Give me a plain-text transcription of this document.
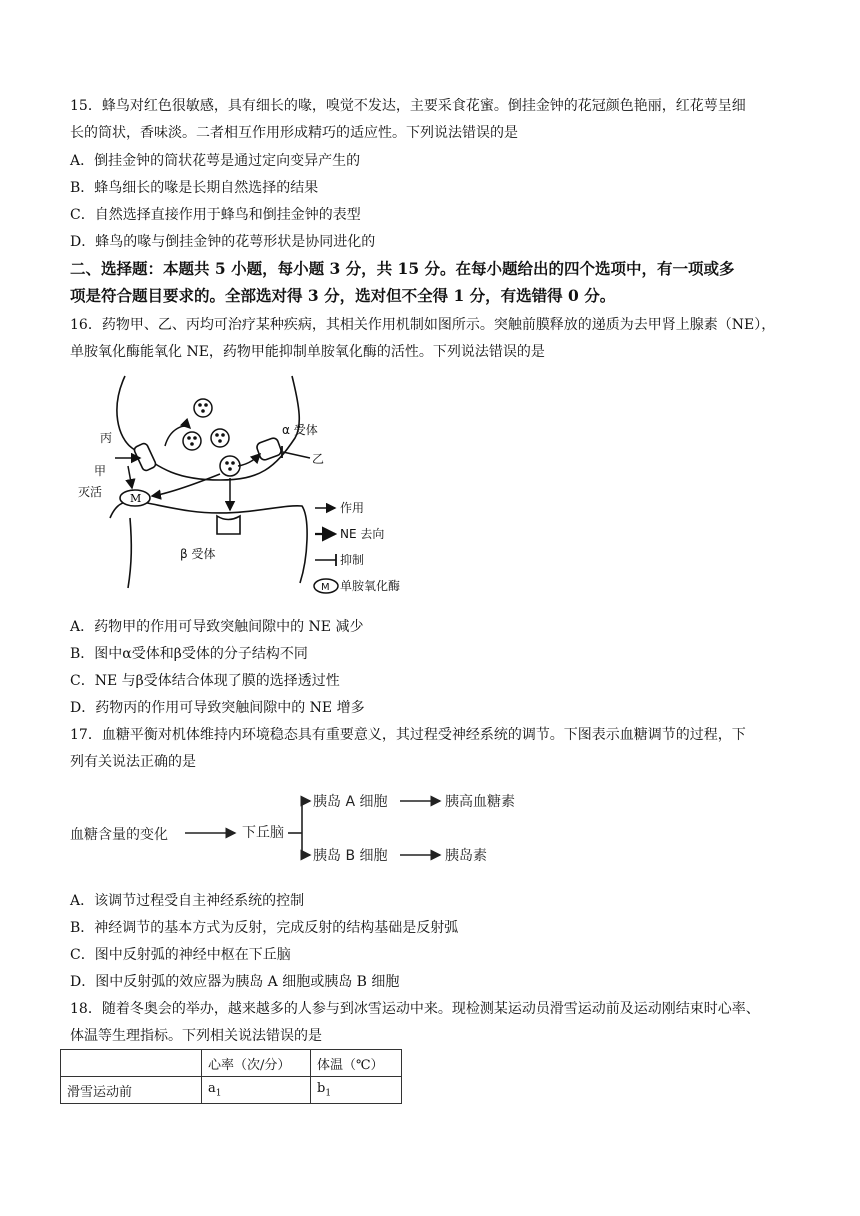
15．蜂鸟对红色很敏感，具有细长的喙，嗅觉不发达，主要采食花蜜。倒挂金钟的花冠颜色艳丽，红花萼呈细
长的筒状，香味淡。二者相互作用形成精巧的适应性。下列说法错误的是
A．倒挂金钟的筒状花萼是通过定向变异产生的
B．蜂鸟细长的喙是长期自然选择的结果
C．自然选择直接作用于蜂鸟和倒挂金钟的表型
D．蜂鸟的喙与倒挂金钟的花萼形状是协同进化的
二、选择题：本题共 5 小题，每小题 3 分，共 15 分。在每小题给出的四个选项中，有一项或多
项是符合题目要求的。全部选对得 3 分，选对但不全得 1 分，有选错得 0 分。
16．药物甲、乙、丙均可治疗某种疾病，其相关作用机制如图所示。突触前膜释放的递质为去甲肾上腺素（NE），
单胺氧化酶能氧化 NE，药物甲能抑制单胺氧化酶的活性。下列说法错误的是
M
丙
甲
灭活
α 受体
乙
β 受体
作用
NE 去向
抑制
M 单胺氧化酶
A．药物甲的作用可导致突触间隙中的 NE 减少
B．图中α受体和β受体的分子结构不同
C．NE 与β受体结合体现了膜的选择透过性
D．药物丙的作用可导致突触间隙中的 NE 增多
17．血糖平衡对机体维持内环境稳态具有重要意义，其过程受神经系统的调节。下图表示血糖调节的过程，下
列有关说法正确的是
血糖含量的变化	下丘脑
胰岛 A 细胞	胰高血糖素
胰岛 B 细胞	胰岛素
A．该调节过程受自主神经系统的控制
B．神经调节的基本方式为反射，完成反射的结构基础是反射弧
C．图中反射弧的神经中枢在下丘脑
D．图中反射弧的效应器为胰岛 A 细胞或胰岛 B 细胞
18．随着冬奥会的举办，越来越多的人参与到冰雪运动中来。现检测某运动员滑雪运动前及运动刚结束时心率、
体温等生理指标。下列相关说法错误的是
	心率（次/分）	体温（℃）
滑雪运动前	$a_1$	$b_1$
